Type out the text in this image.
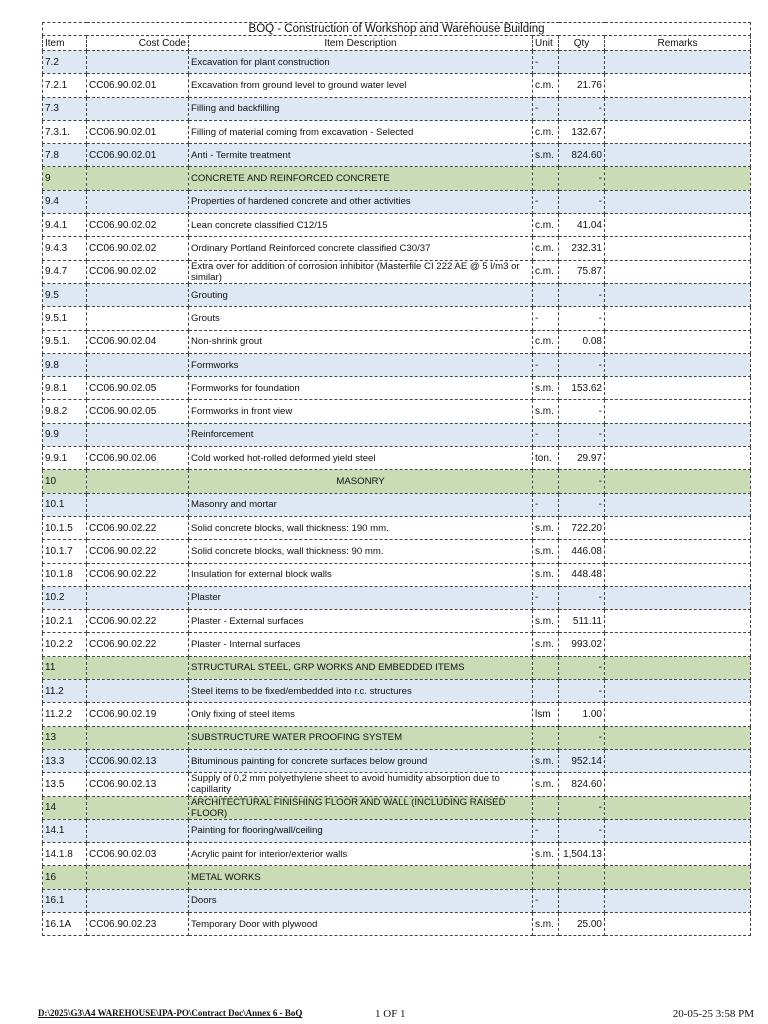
BOQ - Construction of Workshop and Warehouse Building					
Item	Cost Code	Item Description	Unit	Qty	Remarks
7.2		Excavation for plant construction	-		
7.2.1	CC06.90.02.01	Excavation from ground level to ground water level	c.m.	21.76	
7.3		Filling and backfilling	-	-	
7.3.1.	CC06.90.02.01	Filling of material coming from excavation - Selected	c.m.	132.67	
7.8	CC06.90.02.01	Anti - Termite treatment	s.m.	824.60	
9		CONCRETE AND REINFORCED CONCRETE		-	
9.4		Properties of hardened concrete and other activities	-	-	
9.4.1	CC06.90.02.02	Lean concrete classified C12/15	c.m.	41.04	
9.4.3	CC06.90.02.02	Ordinary Portland Reinforced concrete classified C30/37	c.m.	232.31	
9.4.7	CC06.90.02.02	Extra over for addition of corrosion inhibitor (Masterfile CI 222 AE @ 5 l/m3 or similar)	c.m.	75.87	
9.5		Grouting		-	
9.5.1		Grouts	-	-	
9.5.1.	CC06.90.02.04	Non-shrink grout	c.m.	0.08	
9.8		Formworks	-	-	
9.8.1	CC06.90.02.05	Formworks for foundation	s.m.	153.62	
9.8.2	CC06.90.02.05	Formworks in front view	s.m.	-	
9.9		Reinforcement	-	-	
9.9.1	CC06.90.02.06	Cold worked hot-rolled deformed yield steel	ton.	29.97	
10		MASONRY		-	
10.1		Masonry and mortar	-	-	
10.1.5	CC06.90.02.22	Solid concrete blocks, wall thickness: 190 mm.	s.m.	722.20	
10.1.7	CC06.90.02.22	Solid concrete blocks, wall thickness: 90 mm.	s.m.	446.08	
10.1.8	CC06.90.02.22	Insulation for external block walls	s.m.	448.48	
10.2		Plaster	-	-	
10.2.1	CC06.90.02.22	Plaster - External surfaces	s.m.	511.11	
10.2.2	CC06.90.02.22	Plaster - Internal surfaces	s.m.	993.02	
11		STRUCTURAL STEEL, GRP WORKS AND EMBEDDED ITEMS		-	
11.2		Steel items to be fixed/embedded into r.c. structures		-	
11.2.2	CC06.90.02.19	Only fixing of steel items	lsm	1.00	
13		SUBSTRUCTURE WATER PROOFING SYSTEM		-	
13.3	CC06.90.02.13	Bituminous painting for concrete surfaces below ground	s.m.	952.14	
13.5	CC06.90.02.13	Supply of 0,2 mm polyethylene sheet to avoid humidity absorption due to capillarity	s.m.	824.60	
14		ARCHITECTURAL FINISHING FLOOR AND WALL (INCLUDING RAISED FLOOR)		-	
14.1		Painting for flooring/wall/ceiling	-	-	
14.1.8	CC06.90.02.03	Acrylic paint for interior/exterior walls	s.m.	1,504.13	
16		METAL WORKS			
16.1		Doors	-		
16.1A	CC06.90.02.23	Temporary Door with plywood	s.m.	25.00	
D:\2025\G3\A4 WAREHOUSE\IPA-PO\Contract Doc\Annex 6 - BoQ	1 OF 1	20-05-25 3:58 PM
